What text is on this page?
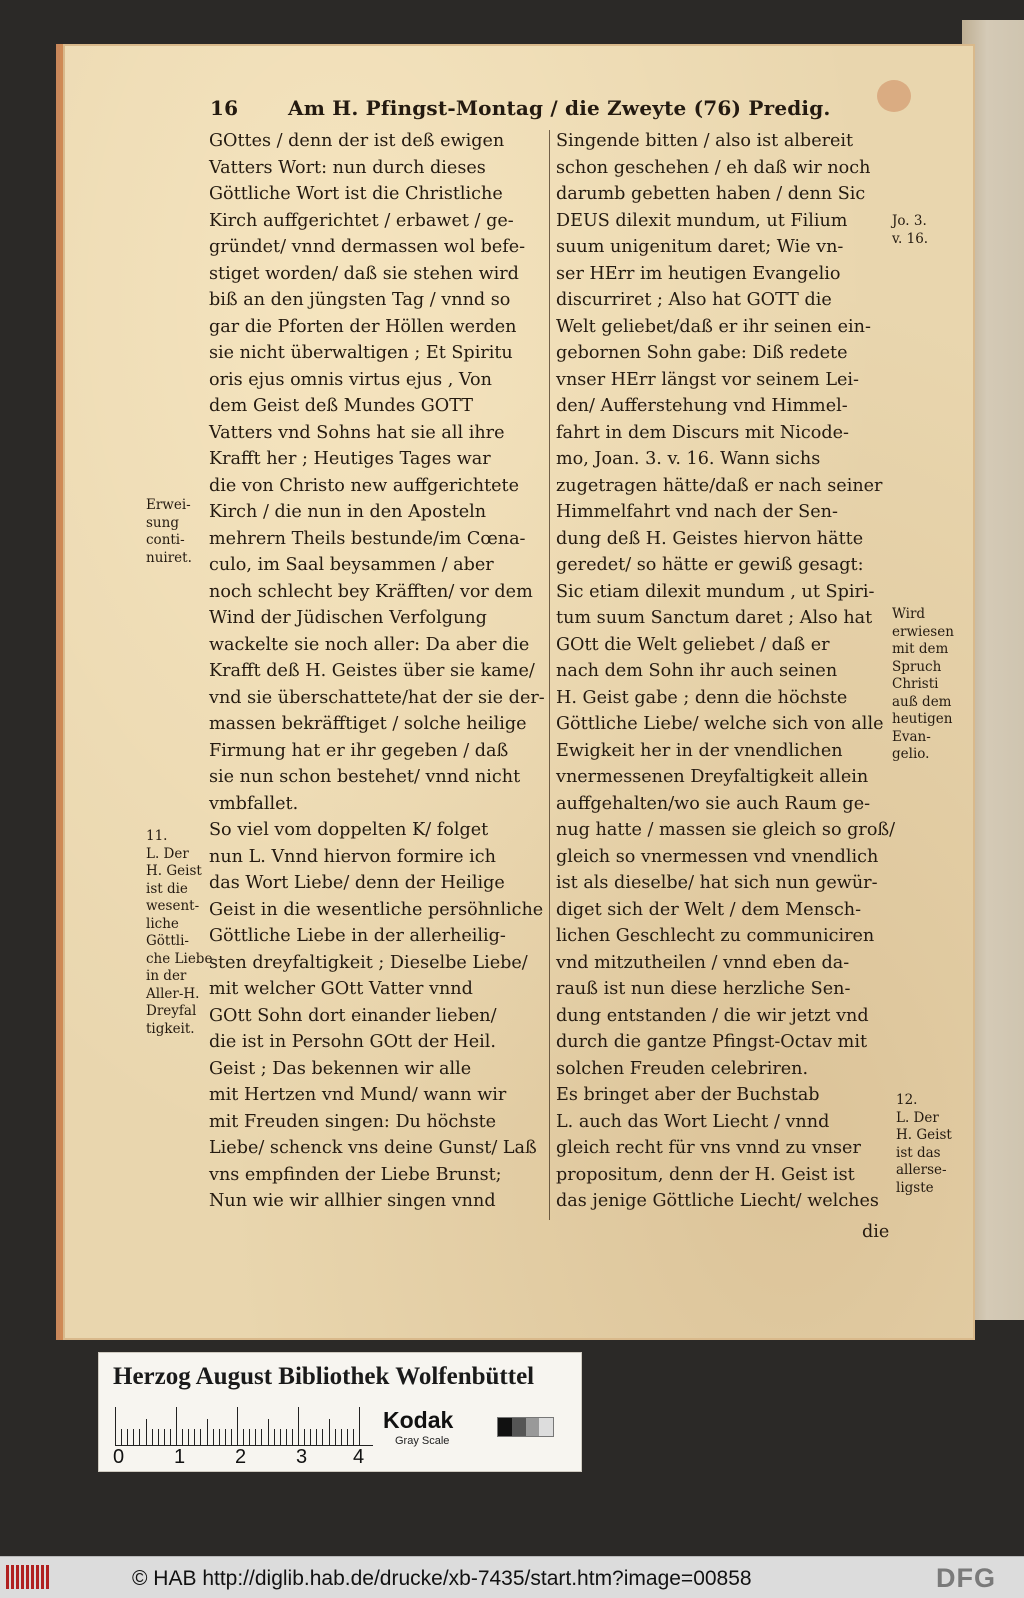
16 Am H. Pfingst-Montag / die Zweyte (76) Predig.
GOttes / denn der ist deß ewigen
Vatters Wort: nun durch dieses
Göttliche Wort ist die Christliche
Kirch auffgerichtet / erbawet / ge-
gründet/ vnnd dermassen wol befe-
stiget worden/ daß sie stehen wird
biß an den jüngsten Tag / vnnd so
gar die Pforten der Höllen werden
sie nicht überwaltigen ; Et Spiritu
oris ejus omnis virtus ejus , Von
dem Geist deß Mundes GOTT
Vatters vnd Sohns hat sie all ihre
Krafft her ; Heutiges Tages war
die von Christo new auffgerichtete
Kirch / die nun in den Aposteln
mehrern Theils bestunde/im Cœna-
culo, im Saal beysammen / aber
noch schlecht bey Kräfften/ vor dem
Wind der Jüdischen Verfolgung
wackelte sie noch aller: Da aber die
Krafft deß H. Geistes über sie kame/
vnd sie überschattete/hat der sie der-
massen bekräfftiget / solche heilige
Firmung hat er ihr gegeben / daß
sie nun schon bestehet/ vnnd nicht
vmbfallet.
So viel vom doppelten K/ folget
nun L. Vnnd hiervon formire ich
das Wort Liebe/ denn der Heilige
Geist in die wesentliche persöhnliche
Göttliche Liebe in der allerheilig-
sten dreyfaltigkeit ; Dieselbe Liebe/
mit welcher GOtt Vatter vnnd
GOtt Sohn dort einander lieben/
die ist in Persohn GOtt der Heil.
Geist ; Das bekennen wir alle
mit Hertzen vnd Mund/ wann wir
mit Freuden singen: Du höchste
Liebe/ schenck vns deine Gunst/ Laß
vns empfinden der Liebe Brunst;
Nun wie wir allhier singen vnnd
Singende bitten / also ist albereit
schon geschehen / eh daß wir noch
darumb gebetten haben / denn Sic
DEUS dilexit mundum, ut Filium
suum unigenitum daret; Wie vn-
ser HErr im heutigen Evangelio
discurriret ; Also hat GOTT die
Welt geliebet/daß er ihr seinen ein-
gebornen Sohn gabe: Diß redete
vnser HErr längst vor seinem Lei-
den/ Aufferstehung vnd Himmel-
fahrt in dem Discurs mit Nicode-
mo, Joan. 3. v. 16. Wann sichs
zugetragen hätte/daß er nach seiner
Himmelfahrt vnd nach der Sen-
dung deß H. Geistes hiervon hätte
geredet/ so hätte er gewiß gesagt:
Sic etiam dilexit mundum , ut Spiri-
tum suum Sanctum daret ; Also hat
GOtt die Welt geliebet / daß er
nach dem Sohn ihr auch seinen
H. Geist gabe ; denn die höchste
Göttliche Liebe/ welche sich von alle
Ewigkeit her in der vnendlichen
vnermessenen Dreyfaltigkeit allein
auffgehalten/wo sie auch Raum ge-
nug hatte / massen sie gleich so groß/
gleich so vnermessen vnd vnendlich
ist als dieselbe/ hat sich nun gewür-
diget sich der Welt / dem Mensch-
lichen Geschlecht zu communiciren
vnd mitzutheilen / vnnd eben da-
rauß ist nun diese herzliche Sen-
dung entstanden / die wir jetzt vnd
durch die gantze Pfingst-Octav mit
solchen Freuden celebriren.
Es bringet aber der Buchstab
L. auch das Wort Liecht / vnnd
gleich recht für vns vnnd zu vnser
propositum, denn der H. Geist ist
das jenige Göttliche Liecht/ welches
Erwei-
sung
conti-
nuiret.
11.
L. Der
H. Geist
ist die
wesent-
liche
Göttli-
che Liebe
in der
Aller-H.
Dreyfal
tigkeit.
Jo. 3.
v. 16.
Wird
erwiesen
mit dem
Spruch
Christi
auß dem
heutigen
Evan-
gelio.
12.
L. Der
H. Geist
ist das
allerse-
ligste
die
Herzog August Bibliothek Wolfenbüttel
0 1 2 3 4
Kodak
Gray Scale
© HAB http://diglib.hab.de/drucke/xb-7435/start.htm?image=00858	DFG
